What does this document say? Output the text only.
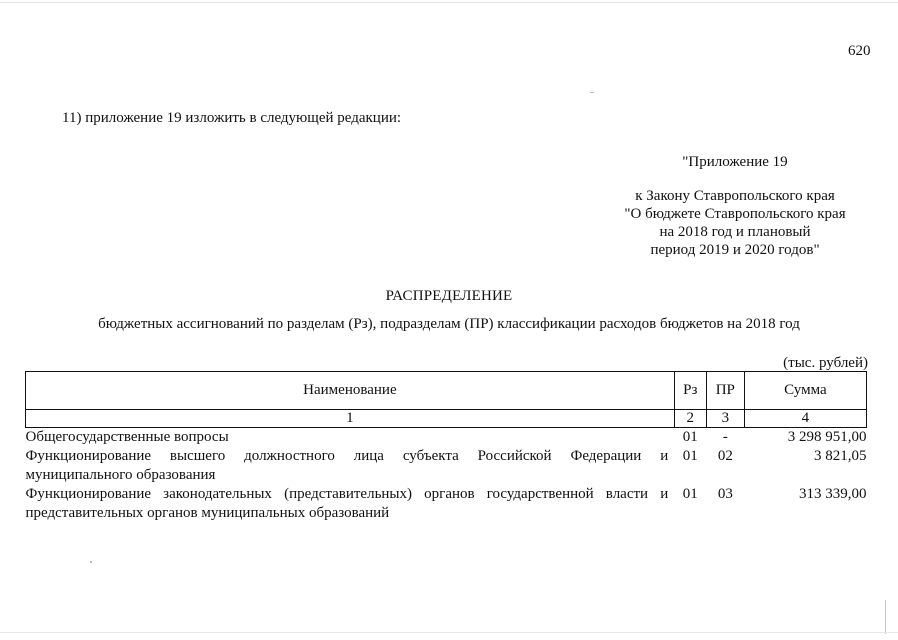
620
11) приложение 19 изложить в следующей редакции:
"Приложение 19

к Закону Ставропольского края

"О бюджете Ставропольского края

на 2018 год и плановый

период 2019 и 2020 годов"

РАСПРЕДЕЛЕНИЕ
бюджетных ассигнований по разделам (Рз), подразделам (ПР) классификации расходов бюджетов на 2018 год
(тыс. рублей)
Наименование	Рз	ПР	Сумма
1	2	3	4
Общегосударственные вопросы	01	-	3 298 951,00
Функционирование высшего должностного лица субъекта Российской Федерации и муниципального образования	01	02	3 821,05
Функционирование законодательных (представительных) органов государственной власти и представительных органов муниципальных образований	01	03	313 339,00
